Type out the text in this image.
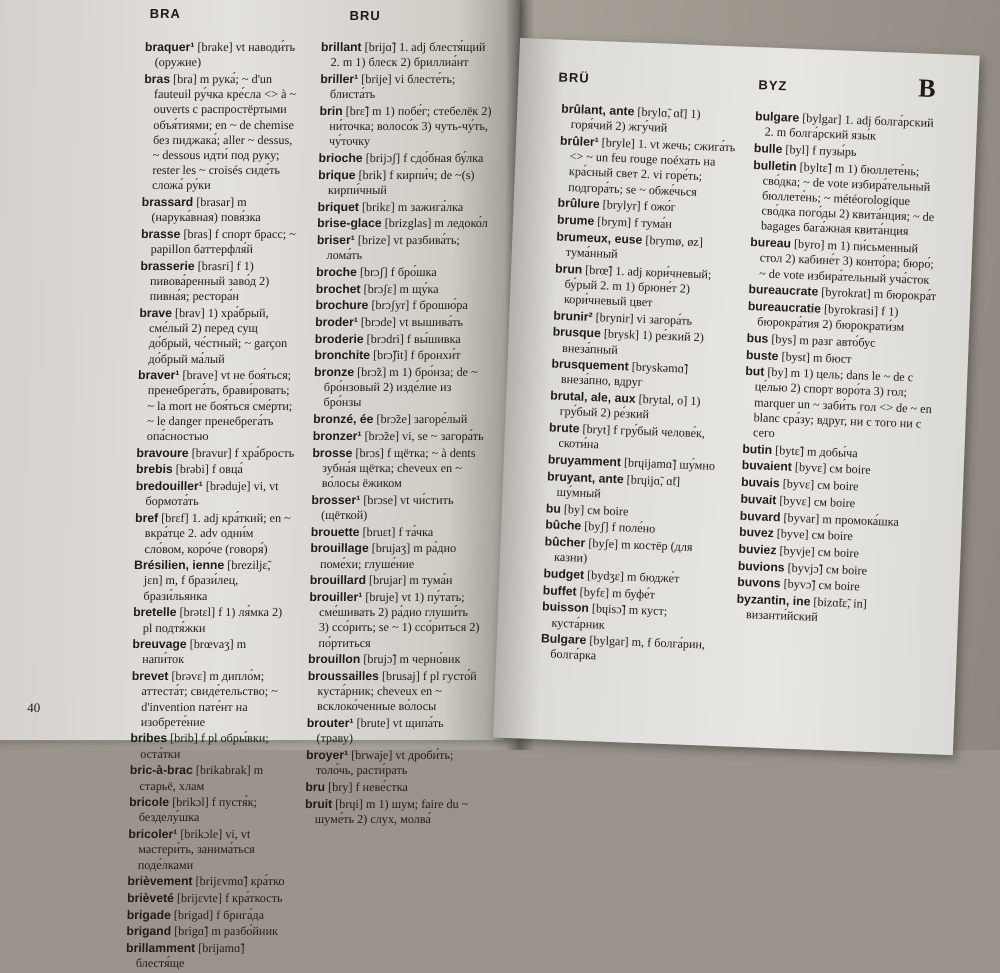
BRA	BRU

braquer¹ [brake] vt наводи́ть (оружие)

bras [bra] m рука́; ~ d'un fauteuil ру́чка кре́сла <> à ~ ouverts с распростёртыми объя́тиями; en ~ de chemise без пиджака́; aller ~ dessus, ~ dessous идти́ под руку; rester les ~ croisés сиде́ть сложа́ ру́ки

brassard [brasar] m (нарука́вная) повя́зка

brasse [bras] f спорт брасс; ~ papillon баттерфля́й

brasserie [brasri] f 1) пивова́ренный заво́д 2) пивна́я; рестора́н

brave [brav] 1) хра́брый, сме́лый 2) перед сущ до́брый, че́стный; ~ garçon до́брый ма́лый

braver¹ [brave] vt не боя́ться; пренебрега́ть, брави́ровать; ~ la mort не боя́ться сме́рти; ~ le danger пренебрега́ть опа́сностью

bravoure [bravur] f хра́брость

brebis [brəbi] f овца́

bredouiller¹ [brəduje] vi, vt бормота́ть

bref [brɛf] 1. adj кра́ткий; en ~ вкра́тце 2. adv одни́м сло́вом, коро́че (говоря́)

Brésilien, ienne [breziljɛ̃, jɛn] m, f брази́лец, брази́льянка

bretelle [brətɛl] f 1) ля́мка 2) pl подтя́жки

breuvage [brœvaʒ] m напи́ток

brevet [brəvɛ] m дипло́м; аттеста́т; свиде́тельство; ~ d'invention пате́нт на изобрете́ние

bribes [brib] f pl обры́вки; оста́тки

bric-à-brac [brikabrak] m старьё, хлам

bricole [brikɔl] f пустя́к; безделу́шка

bricoler¹ [brikɔle] vi, vt мастери́ть, занима́ться поде́лками

brièvement [brijɛvmɑ̃] кра́тко

brièveté [brijɛvte] f кра́ткость

brigade [brigad] f брига́да

brigand [brigɑ̃] m разбо́йник

brillamment [brijamɑ̃] блестя́ще

brillant [brijɑ̃] 1. adj блестя́щий 2. m 1) блеск 2) бриллиа́нт

briller¹ [brije] vi блесте́ть; блиста́ть

brin [brɛ̃] m 1) побе́г; стебелёк 2) ни́точка; волосо́к 3) чуть-чу́ть, чу́точку

brioche [brijɔʃ] f сдо́бная бу́лка

brique [brik] f кирпи́ч; de ~(s) кирпи́чный

briquet [brikɛ] m зажига́лка

brise-glace [brizglas] m ледоко́л

briser¹ [brize] vt разбива́ть; лома́ть

broche [brɔʃ] f бро́шка

brochet [brɔʃɛ] m щу́ка

brochure [brɔʃyr] f брошю́ра

broder¹ [brɔde] vt вышива́ть

broderie [brɔdri] f вы́шивка

bronchite [brɔ̃ʃit] f бронхи́т

bronze [brɔ̃z] m 1) бро́нза; de ~ бро́нзовый 2) изде́лие из бро́нзы

bronzé, ée [brɔ̃ze] загоре́лый

bronzer¹ [brɔ̃ze] vi, se ~ загора́ть

brosse [brɔs] f щётка; ~ à dents зубна́я щётка; cheveux en ~ во́лосы ёжиком

brosser¹ [brɔse] vt чи́стить (щёткой)

brouette [bruɛt] f та́чка

brouillage [brujaʒ] m ра́дио поме́хи; глуше́ние

brouillard [brujar] m тума́н

brouiller¹ [bruje] vt 1) пу́тать; сме́шивать 2) ра́дио глуши́ть 3) ссо́рить; se ~ 1) ссо́риться 2) по́ртиться

brouillon [brujɔ̃] m черно́вик

broussailles [brusaj] f pl густо́й куста́рник; cheveux en ~ всклоко́ченные во́лосы

brouter¹ [brute] vt щипа́ть (траву)

broyer¹ [brwaje] vt дроби́ть; толо́чь, расти́рать

bru [bry] f неве́стка

bruit [brɥi] m 1) шум; faire du ~ шуме́ть 2) слух, молва́

40
BRÜ	BYZ	B

brûlant, ante [brylɑ̃, ɑ̃t] 1) горя́чий 2) жгу́чий

brûler¹ [bryle] 1. vt жечь; сжига́ть <> ~ un feu rouge поéхать на кра́сный свет 2. vi горе́ть; подгора́ть; se ~ обже́чься

brûlure [brylyr] f ожо́г

brume [brym] f тума́н

brumeux, euse [brymø, øz] тума́нный

brun [brœ̃] 1. adj кори́чневый; бу́рый 2. m 1) брюне́т 2) кори́чневый цвет

brunir² [brynir] vi загора́ть

brusque [brysk] 1) ре́зкий 2) внеза́пный

brusquement [bryskəmɑ̃] внеза́пно, вдруг

brutal, ale, aux [brytal, o] 1) гру́бый 2) ре́зкий

brute [bryt] f гру́бый челове́к, скоти́на

bruyamment [brɥijamɑ̃] шу́мно

bruyant, ante [brɥijɑ̃, ɑ̃t] шу́мный

bu [by] см boire

bûche [byʃ] f поле́но

bûcher [byʃe] m костёр (для казни)

budget [bydʒɛ] m бюдже́т

buffet [byfɛ] m буфе́т

buisson [bɥisɔ̃] m куст; куста́рник

Bulgare [bylgar] m, f болга́рин, болга́рка

bulgare [bylgar] 1. adj болга́рский 2. m болга́рский язы́к

bulle [byl] f пузы́рь

bulletin [byltɛ̃] m 1) бюллете́нь; сво́дка; ~ de vote избира́тельный бюллете́нь; ~ météorologique сво́дка пого́ды 2) квита́нция; ~ de bagages бага́жная квита́нция

bureau [byro] m 1) пи́сьменный стол 2) кабине́т 3) конто́ра; бюро́; ~ de vote избира́тельный уча́сток

bureaucrate [byrokrat] m бюрокра́т

bureaucratie [byrokrasi] f 1) бюрокра́тия 2) бюрократи́зм

bus [bys] m разг авто́бус

buste [byst] m бюст

but [by] m 1) цель; dans le ~ de с це́лью 2) спорт воро́та 3) гол; marquer un ~ заби́ть гол <> de ~ en blanc сра́зу; вдруг, ни с того ни с сего

butin [bytɛ̃] m добы́ча

buvaient [byvɛ] см boire

buvais [byvɛ] см boire

buvait [byvɛ] см boire

buvard [byvar] m промока́шка

buvez [byve] см boire

buviez [byvje] см boire

buvions [byvjɔ̃] см boire

buvons [byvɔ̃] см boire

byzantin, ine [bizɑ̃tɛ̃, in] византи́йский
